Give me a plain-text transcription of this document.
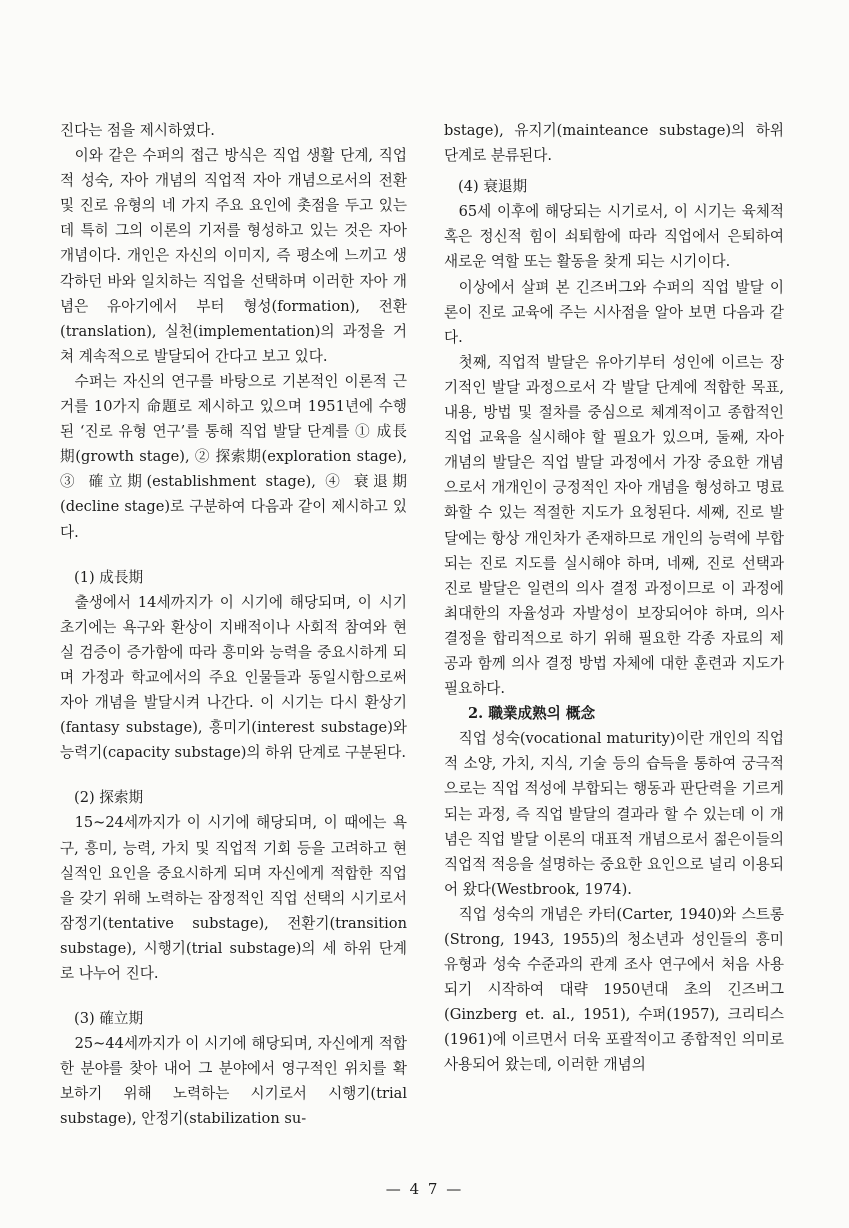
진다는 점을 제시하였다.

이와 같은 수퍼의 접근 방식은 직업 생활 단계, 직업적 성숙, 자아 개념의 직업적 자아 개념으로서의 전환 및 진로 유형의 네 가지 주요 요인에 촛점을 두고 있는데 특히 그의 이론의 기저를 형성하고 있는 것은 자아 개념이다. 개인은 자신의 이미지, 즉 평소에 느끼고 생각하던 바와 일치하는 직업을 선택하며 이러한 자아 개념은 유아기에서 부터 형성(formation), 전환(translation), 실천(implementation)의 과정을 거쳐 계속적으로 발달되어 간다고 보고 있다.

수퍼는 자신의 연구를 바탕으로 기본적인 이론적 근거를 10가지 命題로 제시하고 있으며 1951년에 수행된 ‘진로 유형 연구’를 통해 직업 발달 단계를 ① 成長期(growth stage), ② 探索期(exploration stage), ③ 確立期(establishment stage), ④ 衰退期(decline stage)로 구분하여 다음과 같이 제시하고 있다.

(1) 成長期

출생에서 14세까지가 이 시기에 해당되며, 이 시기 초기에는 욕구와 환상이 지배적이나 사회적 참여와 현실 검증이 증가함에 따라 흥미와 능력을 중요시하게 되며 가정과 학교에서의 주요 인물들과 동일시함으로써 자아 개념을 발달시켜 나간다. 이 시기는 다시 환상기(fantasy substage), 흥미기(interest substage)와 능력기(capacity substage)의 하위 단계로 구분된다.

(2) 探索期

15~24세까지가 이 시기에 해당되며, 이 때에는 욕구, 흥미, 능력, 가치 및 직업적 기회 등을 고려하고 현실적인 요인을 중요시하게 되며 자신에게 적합한 직업을 갖기 위해 노력하는 잠정적인 직업 선택의 시기로서 잠정기(tentative substage), 전환기(transition substage), 시행기(trial substage)의 세 하위 단계로 나누어 진다.

(3) 確立期

25~44세까지가 이 시기에 해당되며, 자신에게 적합한 분야를 찾아 내어 그 분야에서 영구적인 위치를 확보하기 위해 노력하는 시기로서 시행기(trial substage), 안정기(stabilization su-

bstage), 유지기(mainteance substage)의 하위 단계로 분류된다.

(4) 衰退期

65세 이후에 해당되는 시기로서, 이 시기는 육체적 혹은 정신적 힘이 쇠퇴함에 따라 직업에서 은퇴하여 새로운 역할 또는 활동을 찾게 되는 시기이다.

이상에서 살펴 본 긴즈버그와 수퍼의 직업 발달 이론이 진로 교육에 주는 시사점을 알아 보면 다음과 같다.

첫째, 직업적 발달은 유아기부터 성인에 이르는 장기적인 발달 과정으로서 각 발달 단계에 적합한 목표, 내용, 방법 및 절차를 중심으로 체계적이고 종합적인 직업 교육을 실시해야 할 필요가 있으며, 둘째, 자아 개념의 발달은 직업 발달 과정에서 가장 중요한 개념으로서 개개인이 긍정적인 자아 개념을 형성하고 명료화할 수 있는 적절한 지도가 요청된다. 세째, 진로 발달에는 항상 개인차가 존재하므로 개인의 능력에 부합되는 진로 지도를 실시해야 하며, 네째, 진로 선택과 진로 발달은 일련의 의사 결정 과정이므로 이 과정에 최대한의 자율성과 자발성이 보장되어야 하며, 의사 결정을 합리적으로 하기 위해 필요한 각종 자료의 제공과 함께 의사 결정 방법 자체에 대한 훈련과 지도가 필요하다.

2. 職業成熟의 概念

직업 성숙(vocational maturity)이란 개인의 직업적 소양, 가치, 지식, 기술 등의 습득을 통하여 궁극적으로는 직업 적성에 부합되는 행동과 판단력을 기르게 되는 과정, 즉 직업 발달의 결과라 할 수 있는데 이 개념은 직업 발달 이론의 대표적 개념으로서 젊은이들의 직업적 적응을 설명하는 중요한 요인으로 널리 이용되어 왔다(Westbrook, 1974).

직업 성숙의 개념은 카터(Carter, 1940)와 스트롱(Strong, 1943, 1955)의 청소년과 성인들의 흥미 유형과 성숙 수준과의 관계 조사 연구에서 처음 사용되기 시작하여 대략 1950년대 초의 긴즈버그(Ginzberg et. al., 1951), 수퍼(1957), 크리티스(1961)에 이르면서 더욱 포괄적이고 종합적인 의미로 사용되어 왔는데, 이러한 개념의

— 4 7 —
